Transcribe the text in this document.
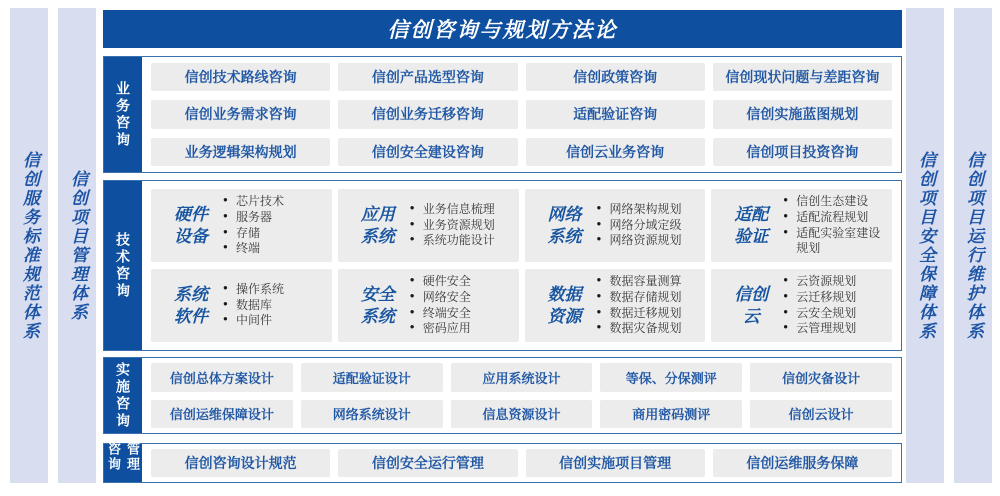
信创服务标准规范体系	信创项目管理体系	信创项目安全保障体系	信创项目运行维护体系
信创咨询与规划方法论
业务咨询
信创技术路线咨询	信创产品选型咨询	信创政策咨询	信创现状问题与差距咨询
信创业务需求咨询	信创业务迁移咨询	适配验证咨询	信创实施蓝图规划
业务逻辑架构规划	信创安全建设咨询	信创云业务咨询	信创项目投资咨询
技术咨询
硬件设备
● 芯片技术
● 服务器
● 存储
● 终端
应用系统
● 业务信息梳理
● 业务资源规划
● 系统功能设计
网络系统
● 网络架构规划
● 网络分域定级
● 网络资源规划
适配验证
● 信创生态建设
● 适配流程规划
● 适配实验室建设规划
系统软件
● 操作系统
● 数据库
● 中间件
安全系统
● 硬件安全
● 网络安全
● 终端安全
● 密码应用
数据资源
● 数据容量测算
● 数据存储规划
● 数据迁移规划
● 数据灾备规划
信创云
● 云资源规划
● 云迁移规划
● 云安全规划
● 云管理规划
实施咨询	信创总体方案设计	适配验证设计	应用系统设计	等保、分保测评	信创灾备设计
信创运维保障设计	网络系统设计	信息资源设计	商用密码测评	信创云设计
咨询管理	信创咨询设计规范	信创安全运行管理	信创实施项目管理	信创运维服务保障
